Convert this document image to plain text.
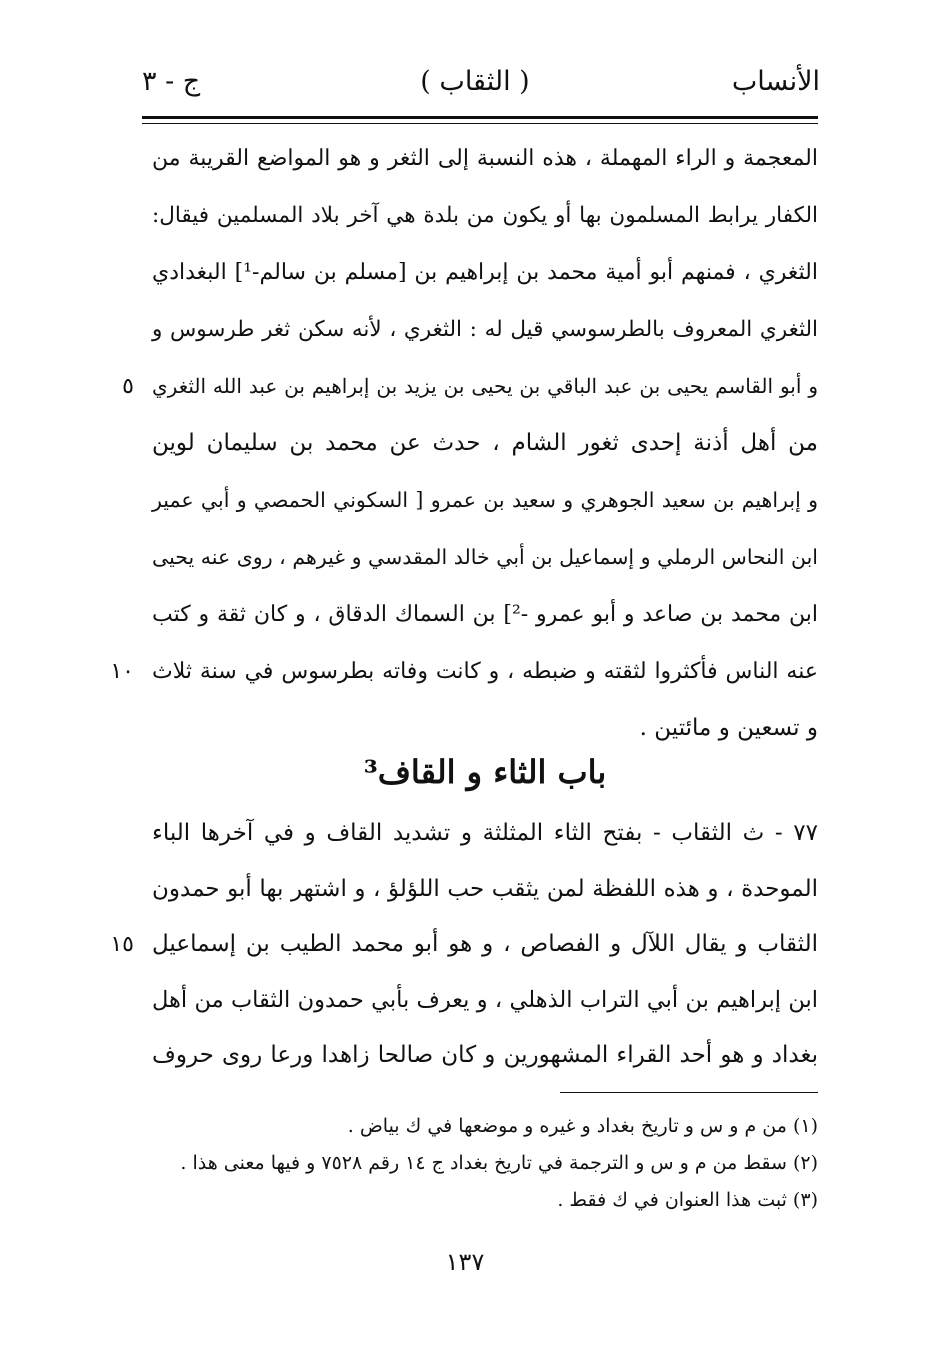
الأنساب
( الثقاب )
ج - ٣
المعجمة و الراء المهملة ، هذه النسبة إلى الثغر و هو المواضع القريبة من
الكفار يرابط المسلمون بها أو يكون من بلدة هي آخر بلاد المسلمين فيقال:
الثغري ، فمنهم أبو أمية محمد بن إبراهيم بن [مسلم بن سالم-¹] البغدادي
الثغري المعروف بالطرسوسي قيل له : الثغري ، لأنه سكن ثغر طرسوس و
و أبو القاسم يحيى بن عبد الباقي بن يحيى بن يزيد بن إبراهيم بن عبد الله الثغري
٥
من أهل أذنة إحدى ثغور الشام ، حدث عن محمد بن سليمان لوين
و إبراهيم بن سعيد الجوهري و سعيد بن عمرو [ السكوني الحمصي و أبي عمير
ابن النحاس الرملي و إسماعيل بن أبي خالد المقدسي و غيرهم ، روى عنه يحيى
ابن محمد بن صاعد و أبو عمرو -²] بن السماك الدقاق ، و كان ثقة و كتب
عنه الناس فأكثروا لثقته و ضبطه ، و كانت وفاته بطرسوس في سنة ثلاث
١٠
و تسعين و مائتين .
باب الثاء و القاف³
٧٧ - ث الثقاب - بفتح الثاء المثلثة و تشديد القاف و في آخرها الباء
الموحدة ، و هذه اللفظة لمن يثقب حب اللؤلؤ ، و اشتهر بها أبو حمدون
الثقاب و يقال اللآل و الفصاص ، و هو أبو محمد الطيب بن إسماعيل
١٥
ابن إبراهيم بن أبي التراب الذهلي ، و يعرف بأبي حمدون الثقاب من أهل
بغداد و هو أحد القراء المشهورين و كان صالحا زاهدا ورعا روى حروف
(١) من م و س و تاريخ بغداد و غيره و موضعها في ك بياض .
(٢) سقط من م و س و الترجمة في تاريخ بغداد ج ١٤ رقم ٧٥٢٨ و فيها معنى هذا .
(٣) ثبت هذا العنوان في ك فقط .
١٣٧
